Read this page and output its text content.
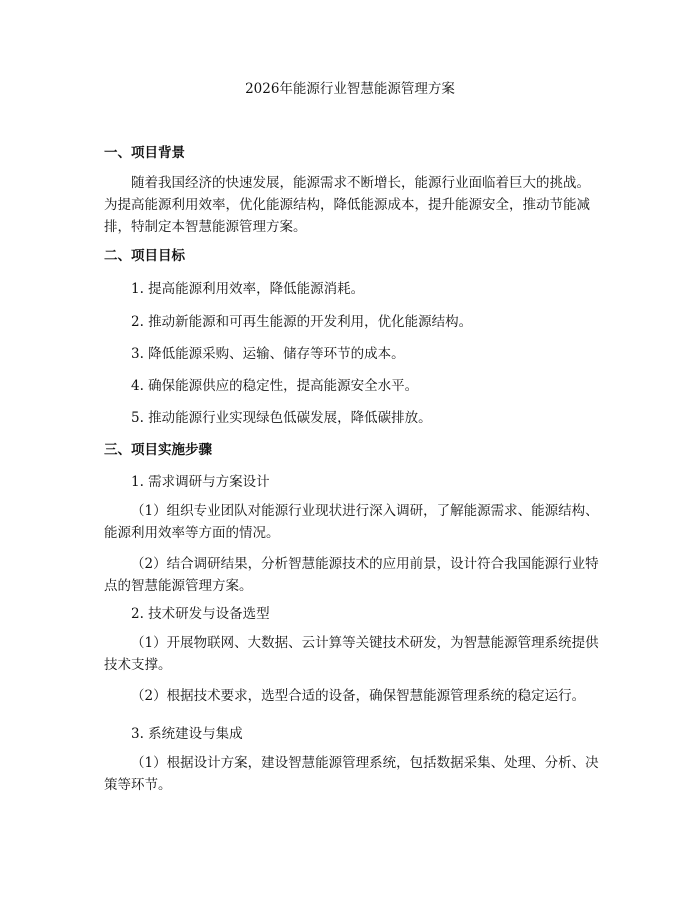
2026年能源行业智慧能源管理方案
一、项目背景

随着我国经济的快速发展，能源需求不断增长，能源行业面临着巨大的挑战。为提高能源利用效率，优化能源结构，降低能源成本，提升能源安全，推动节能减排，特制定本智慧能源管理方案。

二、项目目标
1. 提高能源利用效率，降低能源消耗。
2. 推动新能源和可再生能源的开发利用，优化能源结构。
3. 降低能源采购、运输、储存等环节的成本。
4. 确保能源供应的稳定性，提高能源安全水平。
5. 推动能源行业实现绿色低碳发展，降低碳排放。
三、项目实施步骤
1. 需求调研与方案设计

（1）组织专业团队对能源行业现状进行深入调研，了解能源需求、能源结构、能源利用效率等方面的情况。

（2）结合调研结果，分析智慧能源技术的应用前景，设计符合我国能源行业特点的智慧能源管理方案。

2. 技术研发与设备选型

（1）开展物联网、大数据、云计算等关键技术研发，为智慧能源管理系统提供技术支撑。

（2）根据技术要求，选型合适的设备，确保智慧能源管理系统的稳定运行。

3. 系统建设与集成

（1）根据设计方案，建设智慧能源管理系统，包括数据采集、处理、分析、决策等环节。
